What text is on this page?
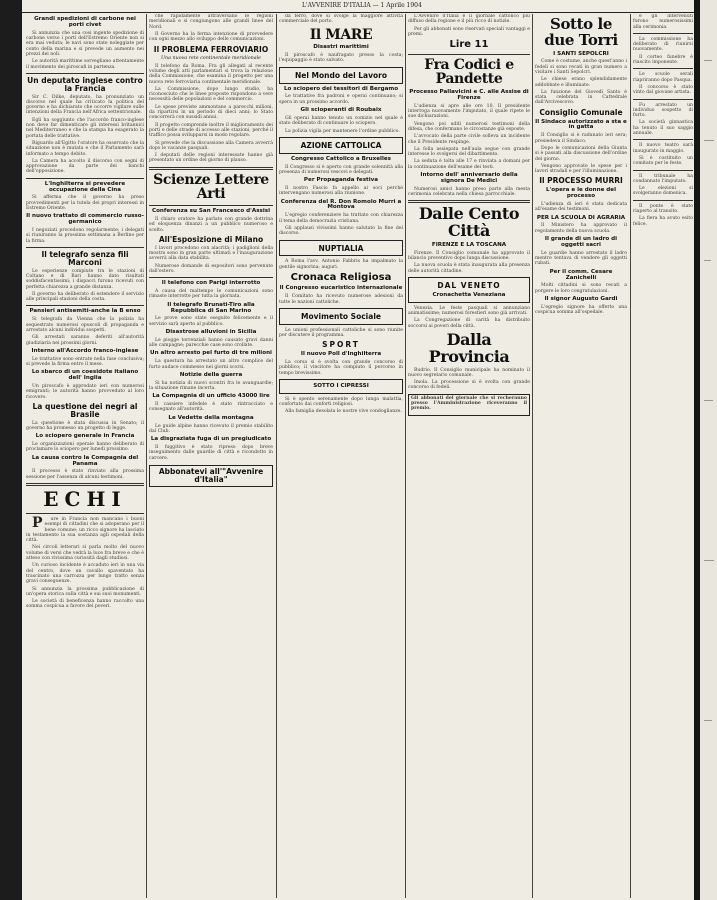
L'AVVENIRE D'ITALIA — 1 Aprile 1904
Grandi spedizioni di carbone nei porti civet

Si annunzia che una cosi ingente spedizione di carbone verso i porti dell'Estremo Oriente non si era mai veduta; le navi sono state noleggiate per conto della marina e si prevede un aumento nei prezzi dei noli.

Le autorità marittime sorvegliano attentamente il movimento dei piroscafi in partenza.

Un deputato inglese contro la Francia

Sir C. Dilke, deputato, ha pronunziato un discorso nel quale ha criticato la politica del governo e ha dichiarato che occorre vigilare sulle intenzioni della Francia nell'Africa settentrionale.

Egli ha soggiunto che l'accordo franco-inglese non deve far dimenticare gli interessi britannici nel Mediterraneo e che la stampa ha esagerato la portata delle trattative.

Riguardo all'Egitto l'oratore ha osservato che la situazione non è mutata e che il Parlamento sarà informato a tempo debito.

La Camera ha accolto il discorso con segni di approvazione da parte dei banchi dell'opposizione.

L'Inghilterra si prevedere occupazione della Cina

Si afferma che il governo ha preso provvedimenti per la tutela dei propri interessi in Estremo Oriente.

Il nuovo trattato di commercio russo-germanico

I negoziati procedono regolarmente; i delegati si riuniranno la prossima settimana a Berlino per la firma.

Il telegrafo senza fili Marconi

Le esperienze compiute tra le stazioni di Coltano e di Bari hanno dato risultati soddisfacentissimi; i dispacci furono ricevuti con perfetta chiarezza a grande distanza.

Il governo ha deliberato di estendere il servizio alle principali stazioni della costa.

Pansieri antisemiti-anche la B enso

Si telegrafa da Vienna che la polizia ha sequestrato numerosi opuscoli di propaganda e arrestato alcuni individui sospetti.

Gli arrestati saranno deferiti all'autorità giudiziaria nei prossimi giorni.

Interno all'Accordo franco-inglese

Le trattative sono entrate nella fase conclusiva; si prevede la firma entro il mese.

Lo sbarco di un coesidote italiano dell' Inglia

Un piroscafo è approdato ieri con numerosi emigranti; le autorità hanno provveduto al loro ricovero.

La questione dei negri al Brasile

La questione è stata discussa in Senato; il governo ha promesso un progetto di legge.

Lo sciopero generale in Francia

Le organizzazioni operaie hanno deliberato di proclamare lo sciopero per lunedì prossimo.

La causa contro la Compagnia del Panama

Il processo è stato rinviato alla prossima sessione per l'assenza di alcuni testimoni.

ECHI

P ure in Francia non mancano i buoni esempi di cittadini che si adoperano per il bene comune; un ricco signore ha lasciato in testamento la sua sostanza agli ospedali della città.

Nei circoli letterari si parla molto del nuovo volume di versi che vedrà la luce fra breve e che è atteso con vivissima curiosità dagli studiosi.

Un curioso incidente è accaduto ieri in una via del centro, dove un cavallo spaventato ha trascinato una carrozza per lungo tratto senza gravi conseguenze.

Si annunzia la prossima pubblicazione di un'opera storica sulla città e sui suoi monumenti.

Le società di beneficenza hanno raccolto una somma cospicua a favore dei poveri.

che rapidamente attraversano le regioni meridionali e si congiungono alle grandi linee del Nord.

Il Governo ha la ferma intenzione di provvedere con ogni mezzo allo sviluppo delle comunicazioni.

Il PROBLEMA FERROVIARIO
Una nuova rete continentale meridionale

Il telefono da Roma. Fra gli allegati al recente volume degli atti parlamentari si trova la relazione della Commissione, che esamina il progetto per una nuova rete ferroviaria continentale meridionale.

La Commissione, dopo lungo studio, ha riconosciuto che le linee proposte rispondono a vere necessità delle popolazioni e del commercio.

Le spese previste ammontano a parecchi milioni, da ripartirsi in un periodo di dieci anni; lo Stato concorrerà con sussidi annui.

Il progetto comprende inoltre il miglioramento dei porti e delle strade di accesso alle stazioni, perché il traffico possa svilupparsi in modo regolare.

Si prevede che la discussione alla Camera avverrà dopo le vacanze pasquali.

I deputati delle regioni interessate hanno già presentato un ordine del giorno di plauso.

Scienze Lettere Arti
Conferenza su San Francesco d'Assisi

Il chiaro oratore ha parlato con grande dottrina ed eloquenza dinanzi a un pubblico numeroso e scelto.

All'Esposizione di Milano

I lavori procedono con alacrità; i padiglioni della mostra sono in gran parte ultimati e l'inaugurazione avverrà alla data stabilita.

Numerose domande di espositori sono pervenute dall'estero.

Il telefono con Parigi interrotto

A causa del maltempo le comunicazioni sono rimaste interrotte per tutta la giornata.

Il telegrafo Brunati-Tiro alla Repubblica di San Marino

Le prove sono state eseguite felicemente e il servizio sarà aperto al pubblico.

Disastrose alluvioni in Sicilia

Le piogge torrenziali hanno causato gravi danni alle campagne; parecchie case sono crollate.

Un altro arresto pel furto di tre milioni

La questura ha arrestato un altro complice del furto audace commesso nei giorni scorsi.

Notizie della guerra

Si ha notizia di nuovi scontri fra le avanguardie; la situazione rimane incerta.

La Compagnia di un ufficio 43000 lire

Il cassiere infedele è stato rintracciato e consegnato all'autorità.

Le Vedette della montagna

Le guide alpine hanno ricevuto il premio stabilito dal Club.

La disgraziata fuga di un pregiudicato

Il fuggitivo è stato ripreso dopo breve inseguimento dalle guardie di città e ricondotto in carcere.

Abbonatevi all'"Avvenire d'Italia"

da ferro, dove si svolge la maggiore attività commerciale del porto.

Il MARE
Disastri marittimi

Il piroscafo è naufragato presso la costa; l'equipaggio è stato salvato.

Nel Mondo del Lavoro
Lo sciopero dei tessitori di Bergamo

Le trattative fra padroni e operai continuano; si spera in un prossimo accordo.

Gli scioperanti di Roubaix

Gli operai hanno tenuto un comizio nel quale è stato deliberato di continuare lo sciopero.

La polizia vigila per mantenere l'ordine pubblico.

AZIONE CATTOLICA
Congresso Cattolico a Bruxelles

Il Congresso si è aperto con grande solennità alla presenza di numerosi vescovi e delegati.

Per Propaganda festiva

Il nostro Fascio fa appello ai soci perché intervengano numerosi alla riunione.

Conferenza del R. Don Romolo Murri a Montova

L'egregio conferenziere ha trattato con chiarezza il tema della democrazia cristiana.

Gli applausi vivissimi hanno salutato la fine del discorso.

NUPTIALIA

A Roma l'avv. Antonio Fabbris ha impalmato la gentile signorina; auguri.

Cronaca Religiosa
Il Congresso eucaristico internazionale

Il Comitato ha ricevuto numerose adesioni da tutte le nazioni cattoliche.

Movimento Sociale

Le unioni professionali cattoliche si sono riunite per discutere il programma.

SPORT
Il nuovo Poll d'Inghilterra

La corsa si è svolta con grande concorso di pubblico; il vincitore ha compiuto il percorso in tempo brevissimo.

SOTTO I CIPRESSI

Si è spento serenamente dopo lunga malattia, confortato dai conforti religiosi.

Alla famiglia desolata le nostre vive condoglianze.

L'Avvenire d'Italia è il giornale cattolico più diffuso della regione e il più ricco di notizie.

Per gli abbonati sono riservati speciali vantaggi e premi.

Lire 11
Fra Codici e Pandette
Processo Pallavicini e C. alle Assise di Firenze

L'udienza si apre alle ore 10. Il presidente interroga nuovamente l'imputato, il quale ripete le sue dichiarazioni.

Vengono poi uditi numerosi testimoni della difesa, che confermano le circostanze già esposte.

L'avvocato della parte civile solleva un incidente che il Presidente respinge.

La folla assiepata nell'aula segue con grande interesse lo svolgersi del dibattimento.

La seduta è tolta alle 17 e rinviata a domani per la continuazione dell'esame dei testi.

Intorno dell' anniversario della signora De Medici

Numerosi amici hanno preso parte alla mesta cerimonia celebrata nella chiesa parrocchiale.

Dalle Cento Città
FIRENZE E LA TOSCANA

Firenze. Il Consiglio comunale ha approvato il bilancio preventivo dopo lunga discussione.

La nuova scuola è stata inaugurata alla presenza delle autorità cittadine.

DAL VENETO
Cronachetta Veneziana

Venezia. Le feste pasquali si annunziano animatissime; numerosi forestieri sono già arrivati.

La Congregazione di carità ha distribuito soccorsi ai poveri della città.

Dalla Provincia

Budrio. Il Consiglio municipale ha nominato il nuovo segretario comunale.

Imola. La processione si è svolta con grande concorso di fedeli.

Gli abbonati del giornale che si recheranno presso l'Amministrazione riceveranno il premio.

Sotto le due Torri
I SANTI SEPOLCRI

Come è costume, anche quest'anno i fedeli si sono recati in gran numero a visitare i Santi Sepolcri.

Le chiese erano splendidamente addobbate e illuminate.

La funzione del Giovedì Santo è stata celebrata in Cattedrale dall'Arcivescovo.

Consiglio Comunale
Il Sindaco autorizzato a sta e in gatta

Il Consiglio si è radunato ieri sera; presiedeva il Sindaco.

Dopo le comunicazioni della Giunta si è passati alla discussione dell'ordine del giorno.

Vengono approvate le spese per i lavori stradali e per l'illuminazione.

Il PROCESSO MURRI
L'opera e le donne del processo

L'udienza di ieri è stata dedicata all'esame dei testimoni.

PER LA SCUOLA DI AGRARIA

Il Ministero ha approvato il regolamento della nuova scuola.

Il grande di un ladro di oggetti sacri

Le guardie hanno arrestato il ladro mentre tentava di vendere gli oggetti rubati.

Per il comm. Cesare Zanichelli

Molti cittadini si sono recati a porgere le loro congratulazioni.

Il signor Augusto Gardi

L'egregio signore ha offerto una cospicua somma all'ospedale.

e gli intervenuti furono numerosissimi alla cerimonia.

La commissione ha deliberato di riunirsi nuovamente.

Il corteo funebre è riuscito imponente.

Le scuole serali riapriranno dopo Pasqua.

Il concorso è stato vinto dal giovane artista.

Fu arrestato un individuo sospetto di furto.

La società ginnastica ha tenuto il suo saggio annuale.

Il nuovo teatro sarà inaugurato in maggio.

Si è costituito un comitato per le feste.

Il tribunale ha condannato l'imputato.

Le elezioni si svolgeranno domenica.

Il ponte è stato riaperto al transito.

La fiera ha avuto esito felice.
